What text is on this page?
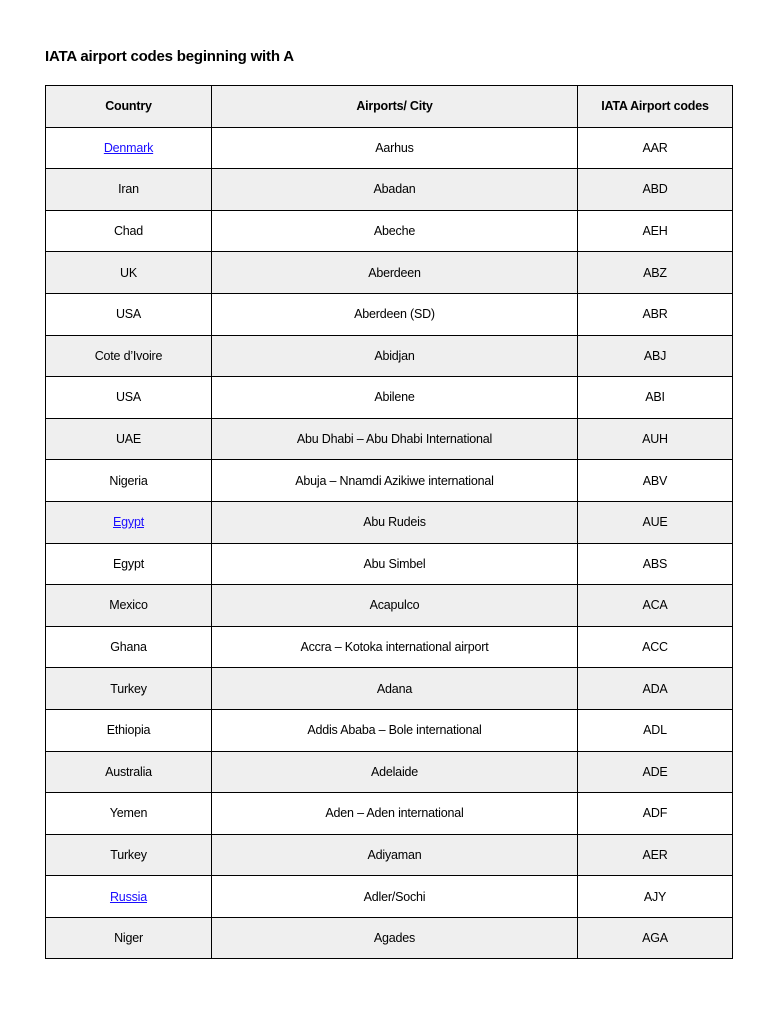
IATA airport codes beginning with A
Country	Airports/ City	IATA Airport codes
Denmark	Aarhus	AAR
Iran	Abadan	ABD
Chad	Abeche	AEH
UK	Aberdeen	ABZ
USA	Aberdeen (SD)	ABR
Cote d’Ivoire	Abidjan	ABJ
USA	Abilene	ABI
UAE	Abu Dhabi – Abu Dhabi International	AUH
Nigeria	Abuja – Nnamdi Azikiwe international	ABV
Egypt	Abu Rudeis	AUE
Egypt	Abu Simbel	ABS
Mexico	Acapulco	ACA
Ghana	Accra – Kotoka international airport	ACC
Turkey	Adana	ADA
Ethiopia	Addis Ababa – Bole international	ADL
Australia	Adelaide	ADE
Yemen	Aden – Aden international	ADF
Turkey	Adiyaman	AER
Russia	Adler/Sochi	AJY
Niger	Agades	AGA
